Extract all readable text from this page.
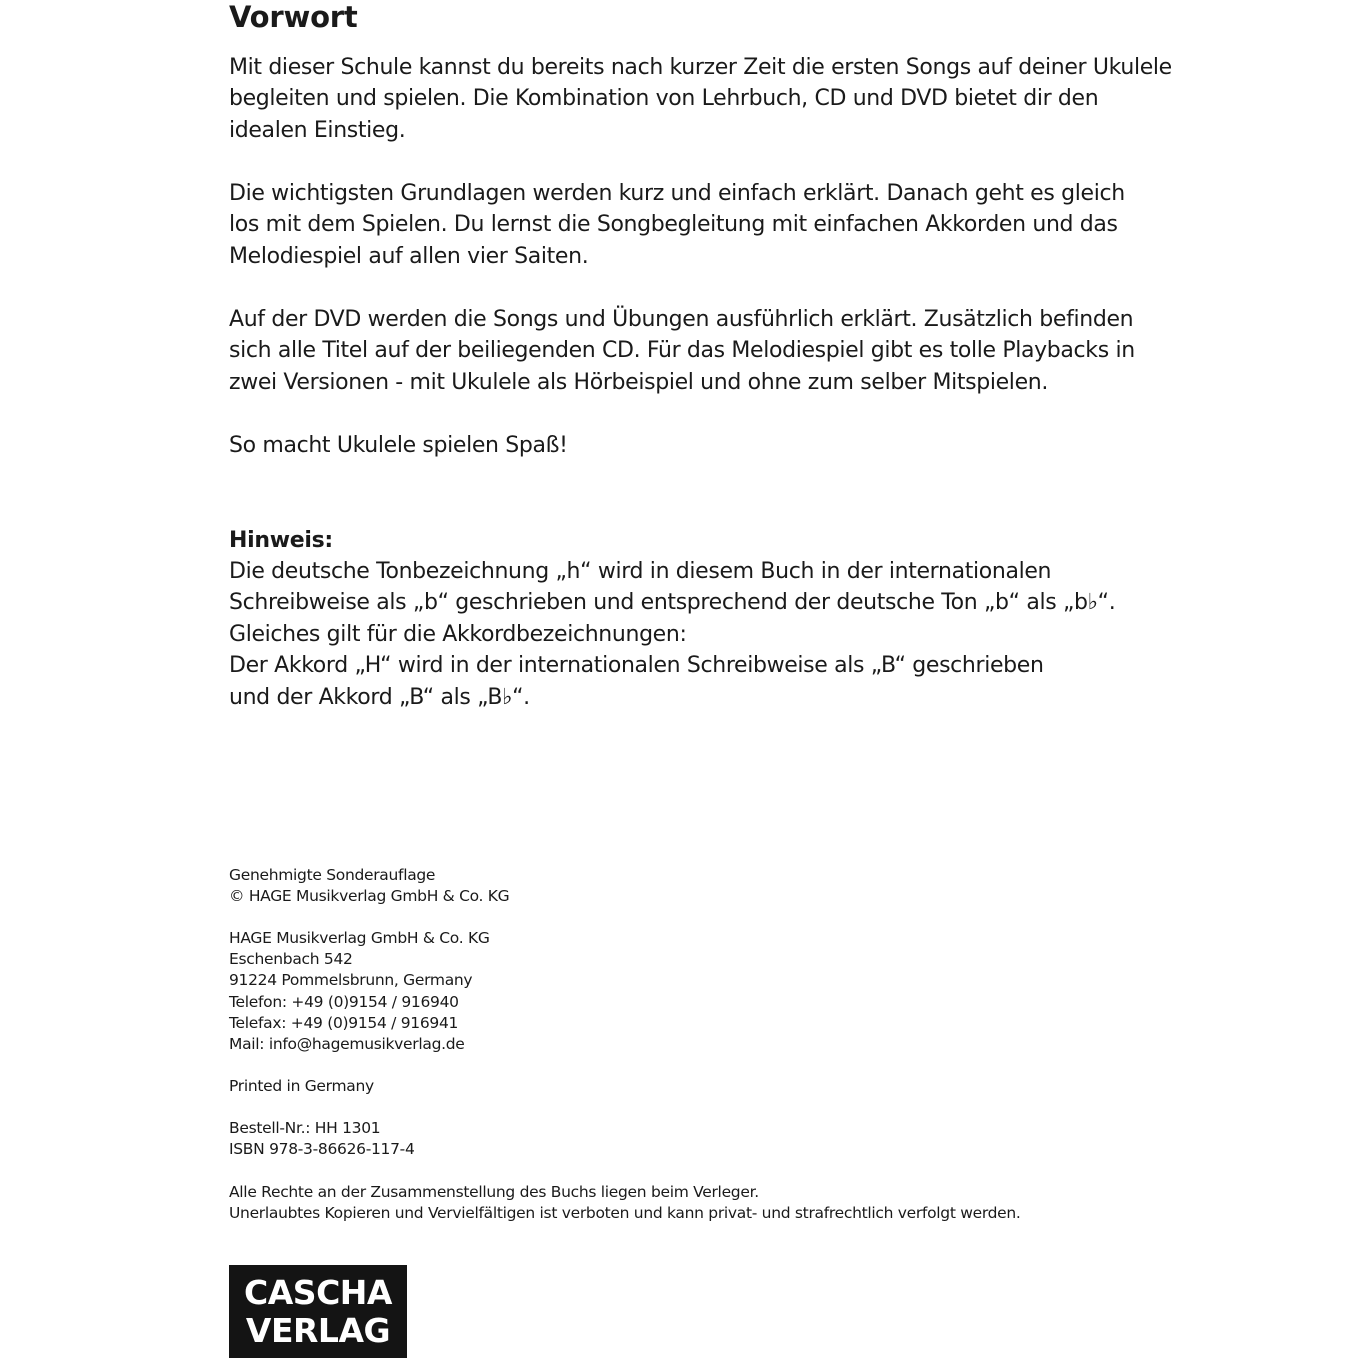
Vorwort

Mit dieser Schule kannst du bereits nach kurzer Zeit die ersten Songs auf deiner Ukulele
begleiten und spielen. Die Kombination von Lehrbuch, CD und DVD bietet dir den
idealen Einstieg.

Die wichtigsten Grundlagen werden kurz und einfach erklärt. Danach geht es gleich
los mit dem Spielen. Du lernst die Songbegleitung mit einfachen Akkorden und das
Melodiespiel auf allen vier Saiten.

Auf der DVD werden die Songs und Übungen ausführlich erklärt. Zusätzlich befinden
sich alle Titel auf der beiliegenden CD. Für das Melodiespiel gibt es tolle Playbacks in
zwei Versionen - mit Ukulele als Hörbeispiel und ohne zum selber Mitspielen.

So macht Ukulele spielen Spaß!

Hinweis:

Die deutsche Tonbezeichnung „h“ wird in diesem Buch in der internationalen
Schreibweise als „b“ geschrieben und entsprechend der deutsche Ton „b“ als „b♭“.
Gleiches gilt für die Akkordbezeichnungen:
Der Akkord „H“ wird in der internationalen Schreibweise als „B“ geschrieben
und der Akkord „B“ als „B♭“.

Genehmigte Sonderauflage
© HAGE Musikverlag GmbH & Co. KG

HAGE Musikverlag GmbH & Co. KG
Eschenbach 542
91224 Pommelsbrunn, Germany
Telefon: +49 (0)9154 / 916940
Telefax: +49 (0)9154 / 916941
Mail: info@hagemusikverlag.de

Printed in Germany

Bestell-Nr.: HH 1301
ISBN 978-3-86626-117-4

Alle Rechte an der Zusammenstellung des Buchs liegen beim Verleger.
Unerlaubtes Kopieren und Vervielfältigen ist verboten und kann privat- und strafrechtlich verfolgt werden.

CASCHA
VERLAG
